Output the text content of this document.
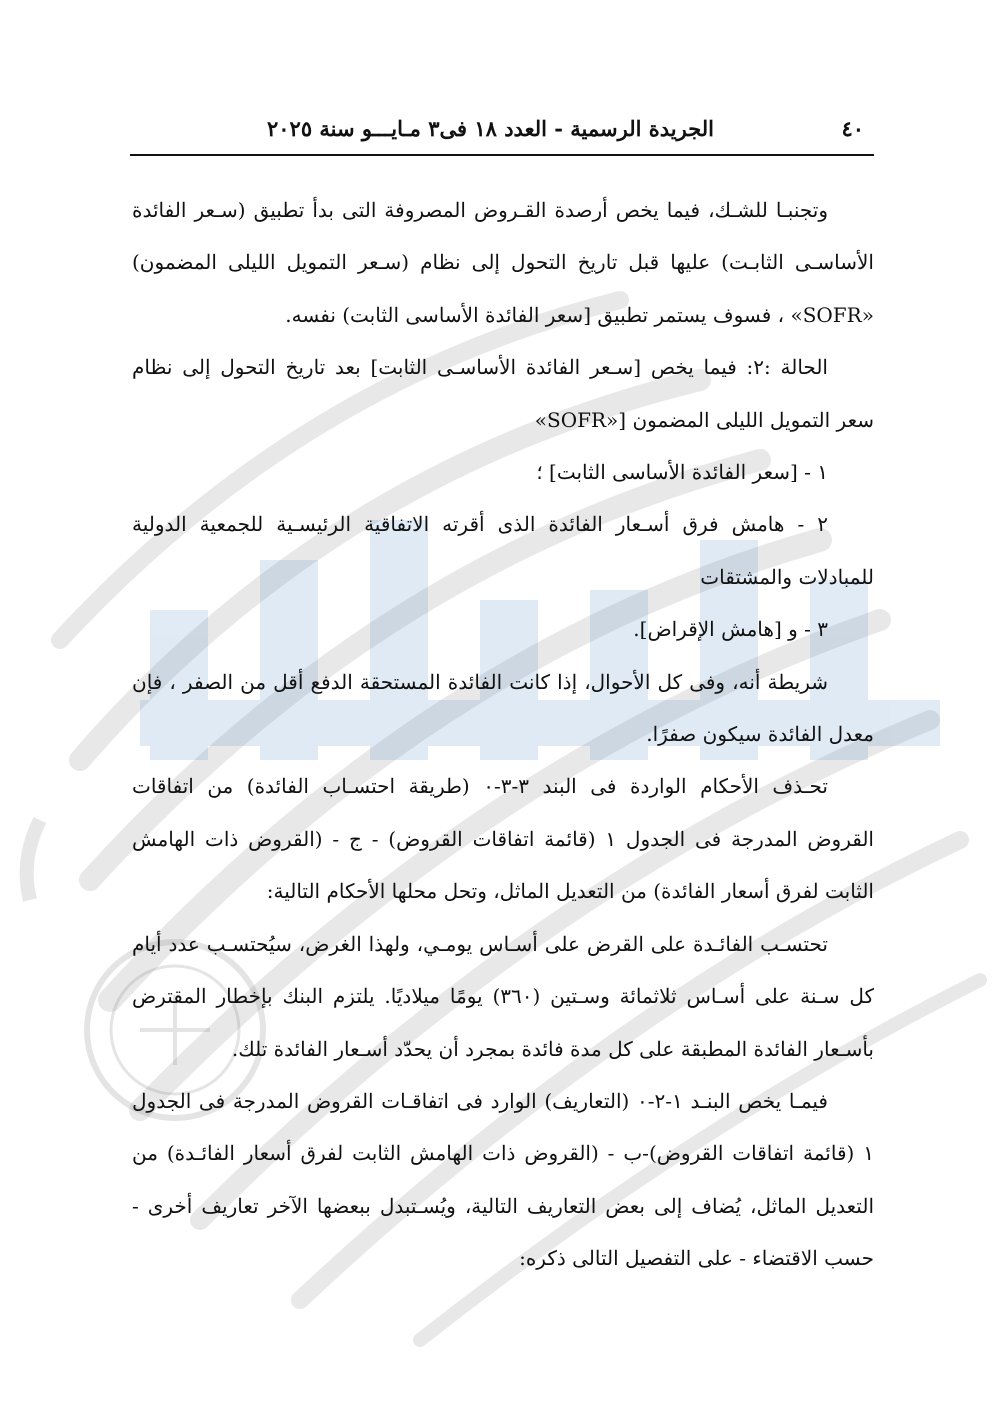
٤٠
الجريدة الرسمية - العدد ١٨ فى٣ مـايـــو سنة ٢٠٢٥

وتجنبـا للشـك، فيما يخص أرصدة القـروض المصروفة التى بدأ تطبيق (سـعر الفائدة الأساسـى الثابـت) عليها قبل تاريخ التحول إلى نظام (سـعر التمويل الليلى المضمون) «SOFR» ، فسوف يستمر تطبيق [سعر الفائدة الأساسى الثابت) نفسه.

الحالة :٢: فيما يخص [سـعر الفائدة الأساسـى الثابت] بعد تاريخ التحول إلى نظام سعر التمويل الليلى المضمون [«SOFR»

١ - [سعر الفائدة الأساسى الثابت] ؛

٢ - هامش فرق أسـعار الفائدة الذى أقرته الاتفاقية الرئيسـية للجمعية الدولية للمبادلات والمشتقات

٣ - و [هامش الإقراض].

شريطة أنه، وفى كل الأحوال، إذا كانت الفائدة المستحقة الدفع أقل من الصفر ، فإن معدل الفائدة سيكون صفرًا.

تحـذف الأحكام الواردة فى البند ٣-٣-٠ (طريقة احتسـاب الفائدة) من اتفاقات القروض المدرجة فى الجدول ١ (قائمة اتفاقات القروض) - ج - (القروض ذات الهامش الثابت لفرق أسعار الفائدة) من التعديل الماثل، وتحل محلها الأحكام التالية:

تحتسـب الفائـدة على القرض على أسـاس يومـي، ولهذا الغرض، سيُحتسـب عدد أيام كل سـنة على أسـاس ثلاثمائة وسـتين (٣٦٠) يومًا ميلاديًا. يلتزم البنك بإخطار المقترض بأسـعار الفائدة المطبقة على كل مدة فائدة بمجرد أن يحدّد أسـعار الفائدة تلك.

فيمـا يخص البنـد ١-٢-٠ (التعاريف) الوارد فى اتفاقـات القروض المدرجة فى الجدول ١ (قائمة اتفاقات القروض)-ب - (القروض ذات الهامش الثابت لفرق أسعار الفائـدة) من التعديل الماثل، يُضاف إلى بعض التعاريف التالية، ويُسـتبدل ببعضها الآخر تعاريف أخرى - حسب الاقتضاء - على التفصيل التالى ذكره:
